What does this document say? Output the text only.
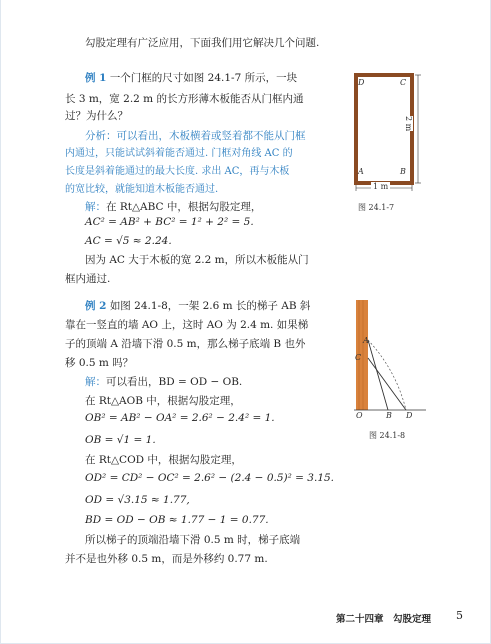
勾股定理有广泛应用，下面我们用它解决几个问题.
例 1 一个门框的尺寸如图 24.1-7 所示，一块
长 3 m，宽 2.2 m 的长方形薄木板能否从门框内通
过？为什么？
分析：可以看出，木板横着或竖着都不能从门框
内通过，只能试试斜着能否通过. 门框对角线 AC 的
长度是斜着能通过的最大长度. 求出 AC，再与木板
的宽比较，就能知道木板能否通过.
解：在 Rt△ABC 中，根据勾股定理，
AC² = AB² + BC² = 1² + 2² = 5.
AC = √5 ≈ 2.24.
因为 AC 大于木板的宽 2.2 m，所以木板能从门
框内通过.
D	C
A	B
1 m
2 m
图 24.1-7
例 2 如图 24.1-8，一架 2.6 m 长的梯子 AB 斜
靠在一竖直的墙 AO 上，这时 AO 为 2.4 m. 如果梯
子的顶端 A 沿墙下滑 0.5 m，那么梯子底端 B 也外
移 0.5 m 吗？
解：可以看出，BD = OD − OB.
在 Rt△AOB 中，根据勾股定理，
OB² = AB² − OA² = 2.6² − 2.4² = 1.
OB = √1 = 1.
在 Rt△COD 中，根据勾股定理，
OD² = CD² − OC² = 2.6² − (2.4 − 0.5)² = 3.15.
OD = √3.15 ≈ 1.77,
BD = OD − OB ≈ 1.77 − 1 = 0.77.
所以梯子的顶端沿墙下滑 0.5 m 时，梯子底端
并不是也外移 0.5 m，而是外移约 0.77 m.
A
C
O	B D
图 24.1-8
第二十四章　勾股定理 5
